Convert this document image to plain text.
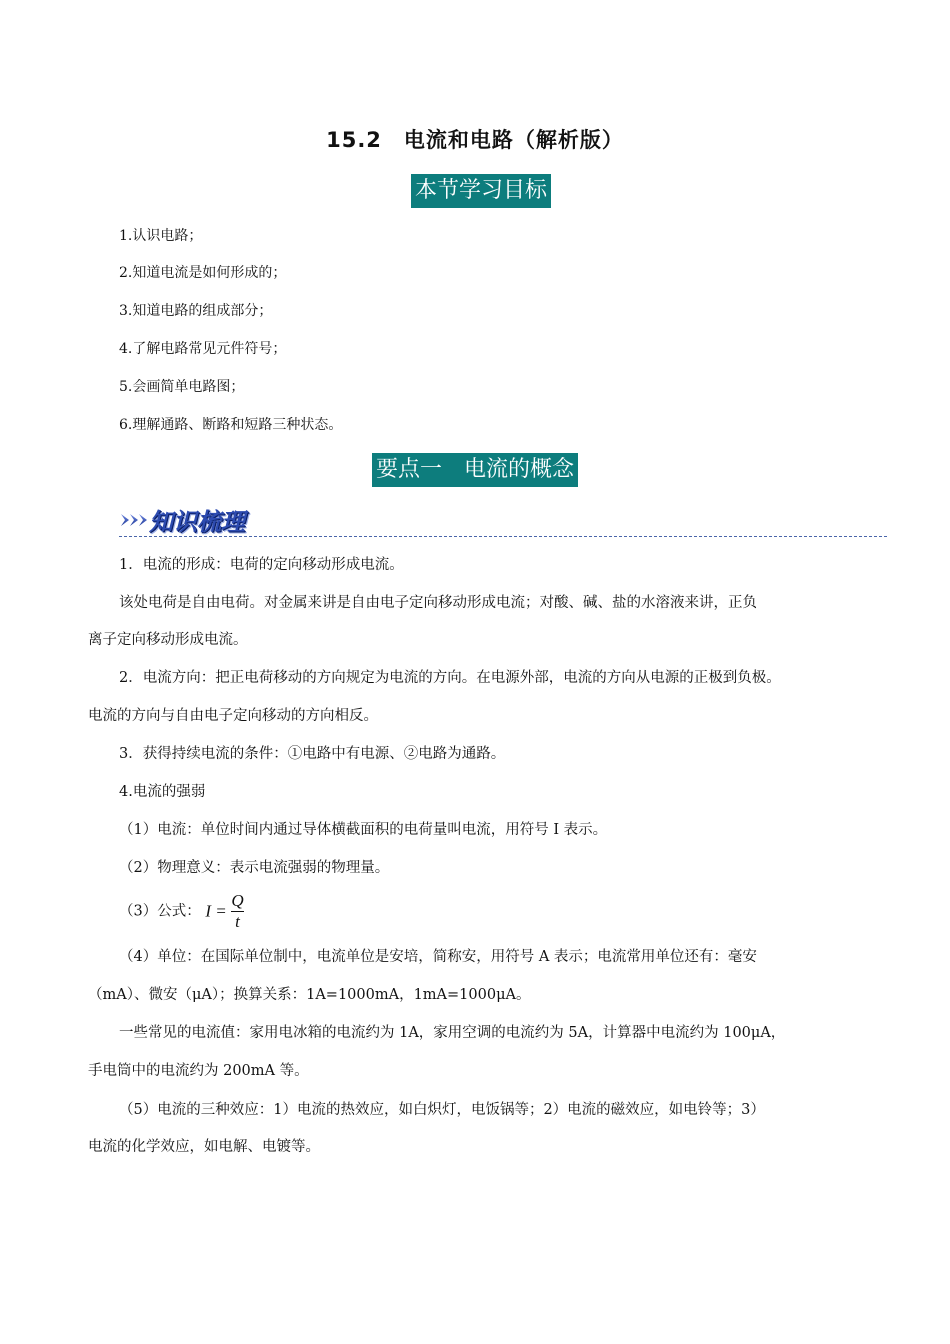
15.2　电流和电路（解析版）
本节学习目标
1.认识电路；
2.知道电流是如何形成的；
3.知道电路的组成部分；
4.了解电路常见元件符号；
5.会画简单电路图；
6.理解通路、断路和短路三种状态。
要点一　电流的概念
知识梳理
1．电流的形成：电荷的定向移动形成电流。
该处电荷是自由电荷。对金属来讲是自由电子定向移动形成电流；对酸、碱、盐的水溶液来讲，正负
离子定向移动形成电流。
2．电流方向：把正电荷移动的方向规定为电流的方向。在电源外部，电流的方向从电源的正极到负极。
电流的方向与自由电子定向移动的方向相反。
3．获得持续电流的条件：①电路中有电源、②电路为通路。
4.电流的强弱
（1）电流：单位时间内通过导体横截面积的电荷量叫电流，用符号 I 表示。
（2）物理意义：表示电流强弱的物理量。
（3）公式： $I = \frac{Q}{t}$
（4）单位：在国际单位制中，电流单位是安培，简称安，用符号 A 表示；电流常用单位还有：毫安
（mA）、微安（μA）；换算关系：1A=1000mA，1mA=1000μA。
一些常见的电流值：家用电冰箱的电流约为 1A，家用空调的电流约为 5A，计算器中电流约为 100μA，
手电筒中的电流约为 200mA 等。
（5）电流的三种效应：1）电流的热效应，如白炽灯，电饭锅等；2）电流的磁效应，如电铃等；3）
电流的化学效应，如电解、电镀等。
